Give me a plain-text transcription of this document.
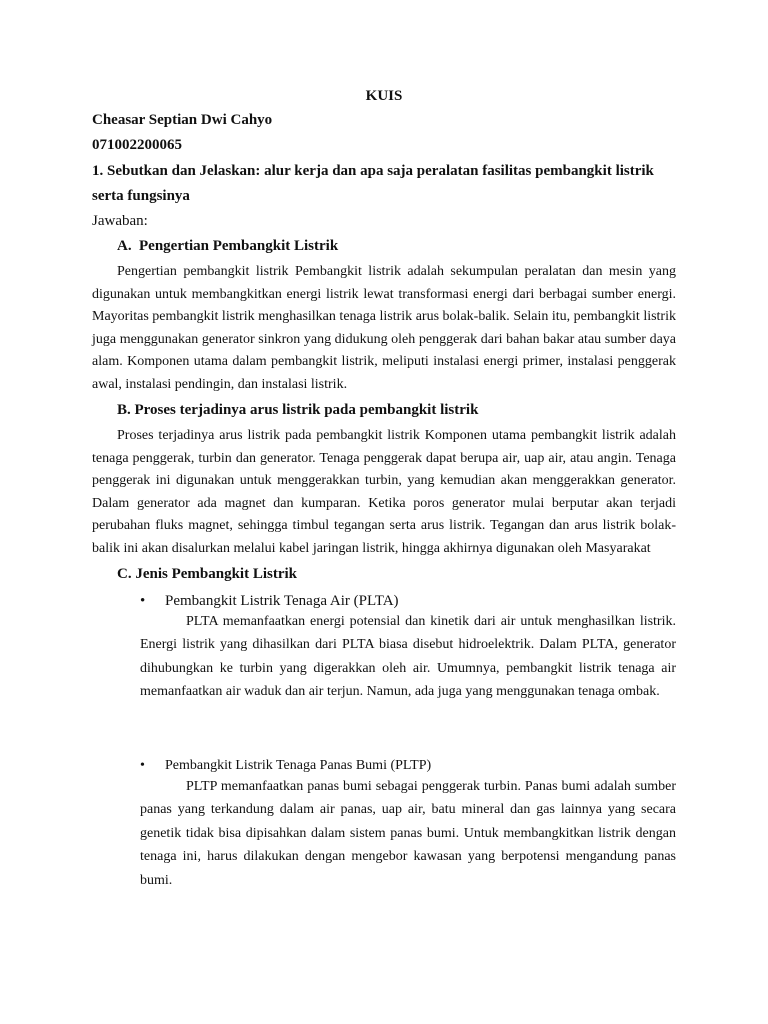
KUIS
Cheasar Septian Dwi Cahyo
071002200065
1. Sebutkan dan Jelaskan: alur kerja dan apa saja peralatan fasilitas pembangkit listrik
serta fungsinya
Jawaban:
A. Pengertian Pembangkit Listrik
Pengertian pembangkit listrik Pembangkit listrik adalah sekumpulan peralatan dan mesin yang digunakan untuk membangkitkan energi listrik lewat transformasi energi dari berbagai sumber energi. Mayoritas pembangkit listrik menghasilkan tenaga listrik arus bolak-balik. Selain itu, pembangkit listrik juga menggunakan generator sinkron yang didukung oleh penggerak dari bahan bakar atau sumber daya alam. Komponen utama dalam pembangkit listrik, meliputi instalasi energi primer, instalasi penggerak awal, instalasi pendingin, dan instalasi listrik.
B. Proses terjadinya arus listrik pada pembangkit listrik
Proses terjadinya arus listrik pada pembangkit listrik Komponen utama pembangkit listrik adalah tenaga penggerak, turbin dan generator. Tenaga penggerak dapat berupa air, uap air, atau angin. Tenaga penggerak ini digunakan untuk menggerakkan turbin, yang kemudian akan menggerakkan generator. Dalam generator ada magnet dan kumparan. Ketika poros generator mulai berputar akan terjadi perubahan fluks magnet, sehingga timbul tegangan serta arus listrik. Tegangan dan arus listrik bolak-balik ini akan disalurkan melalui kabel jaringan listrik, hingga akhirnya digunakan oleh Masyarakat
C. Jenis Pembangkit Listrik
• Pembangkit Listrik Tenaga Air (PLTA)
PLTA memanfaatkan energi potensial dan kinetik dari air untuk menghasilkan listrik. Energi listrik yang dihasilkan dari PLTA biasa disebut hidroelektrik. Dalam PLTA, generator dihubungkan ke turbin yang digerakkan oleh air. Umumnya, pembangkit listrik tenaga air memanfaatkan air waduk dan air terjun. Namun, ada juga yang menggunakan tenaga ombak.
• Pembangkit Listrik Tenaga Panas Bumi (PLTP)
PLTP memanfaatkan panas bumi sebagai penggerak turbin. Panas bumi adalah sumber panas yang terkandung dalam air panas, uap air, batu mineral dan gas lainnya yang secara genetik tidak bisa dipisahkan dalam sistem panas bumi. Untuk membangkitkan listrik dengan tenaga ini, harus dilakukan dengan mengebor kawasan yang berpotensi mengandung panas bumi.
